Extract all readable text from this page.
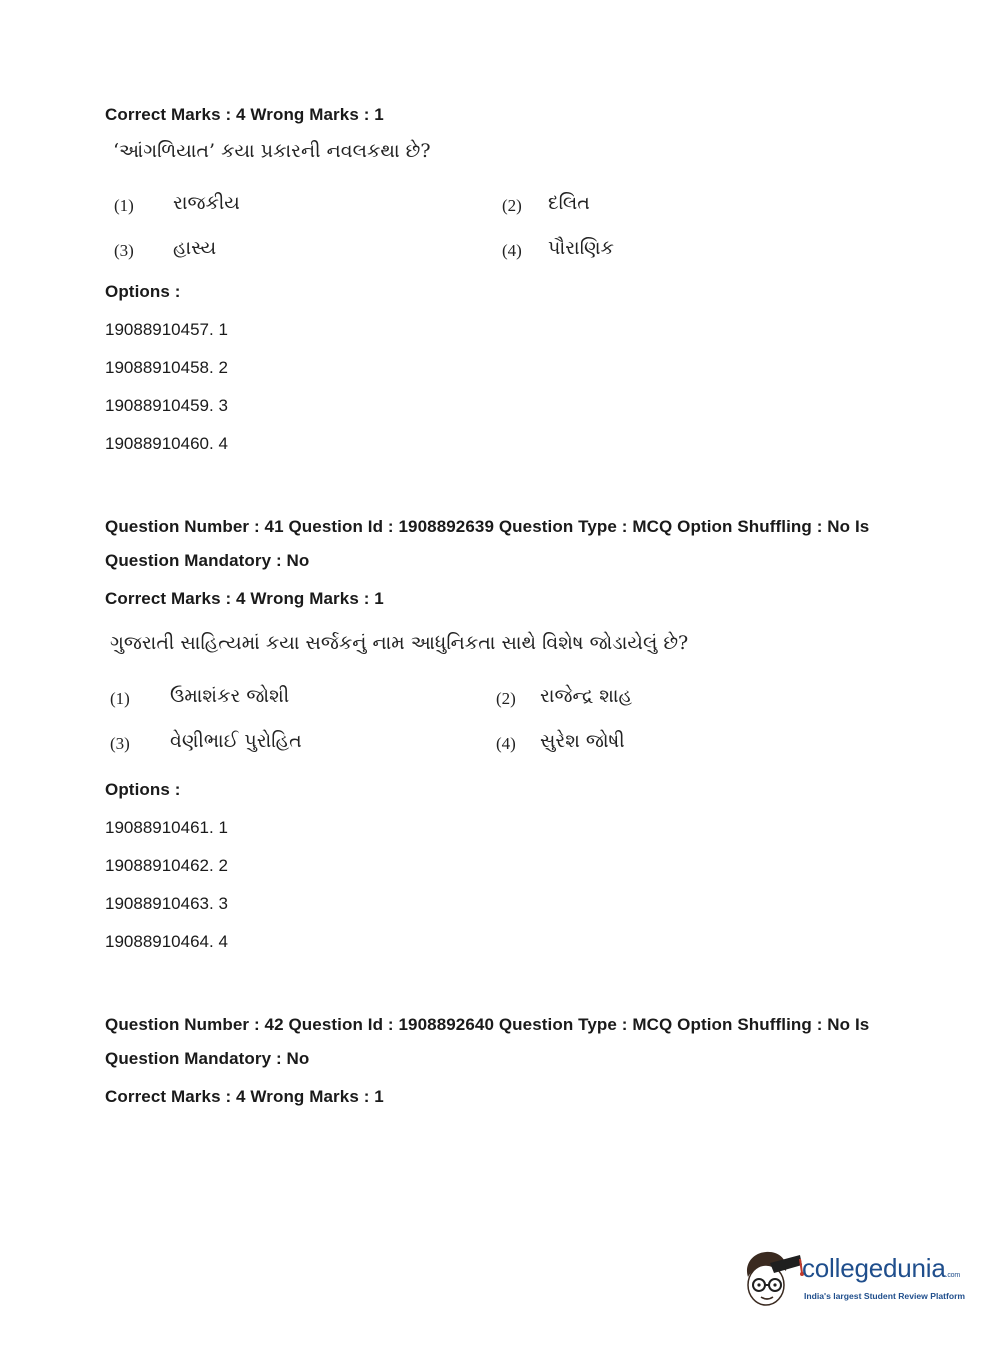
Correct Marks : 4 Wrong Marks : 1
‘આંગળિયાત’ કયા પ્રકારની નવલકથા છે?
(1) રાજકીય	(2) દલિત
(3) હાસ્ય	(4) પૌરાણિક
Options :
19088910457. 1
19088910458. 2
19088910459. 3
19088910460. 4
Question Number : 41 Question Id : 1908892639 Question Type : MCQ Option Shuffling : No Is
Question Mandatory : No
Correct Marks : 4 Wrong Marks : 1
ગુજરાતી સાહિત્યમાં કયા સર્જકનું નામ આધુનિકતા સાથે વિશેષ જોડાયેલું છે?
(1) ઉમાશંકર જોશી	(2) રાજેન્દ્ર શાહ
(3) વેણીભાઈ પુરોહિત	(4) સુરેશ જોષી
Options :
19088910461. 1
19088910462. 2
19088910463. 3
19088910464. 4
Question Number : 42 Question Id : 1908892640 Question Type : MCQ Option Shuffling : No Is
Question Mandatory : No
Correct Marks : 4 Wrong Marks : 1
collegedunia.com
India's largest Student Review Platform
